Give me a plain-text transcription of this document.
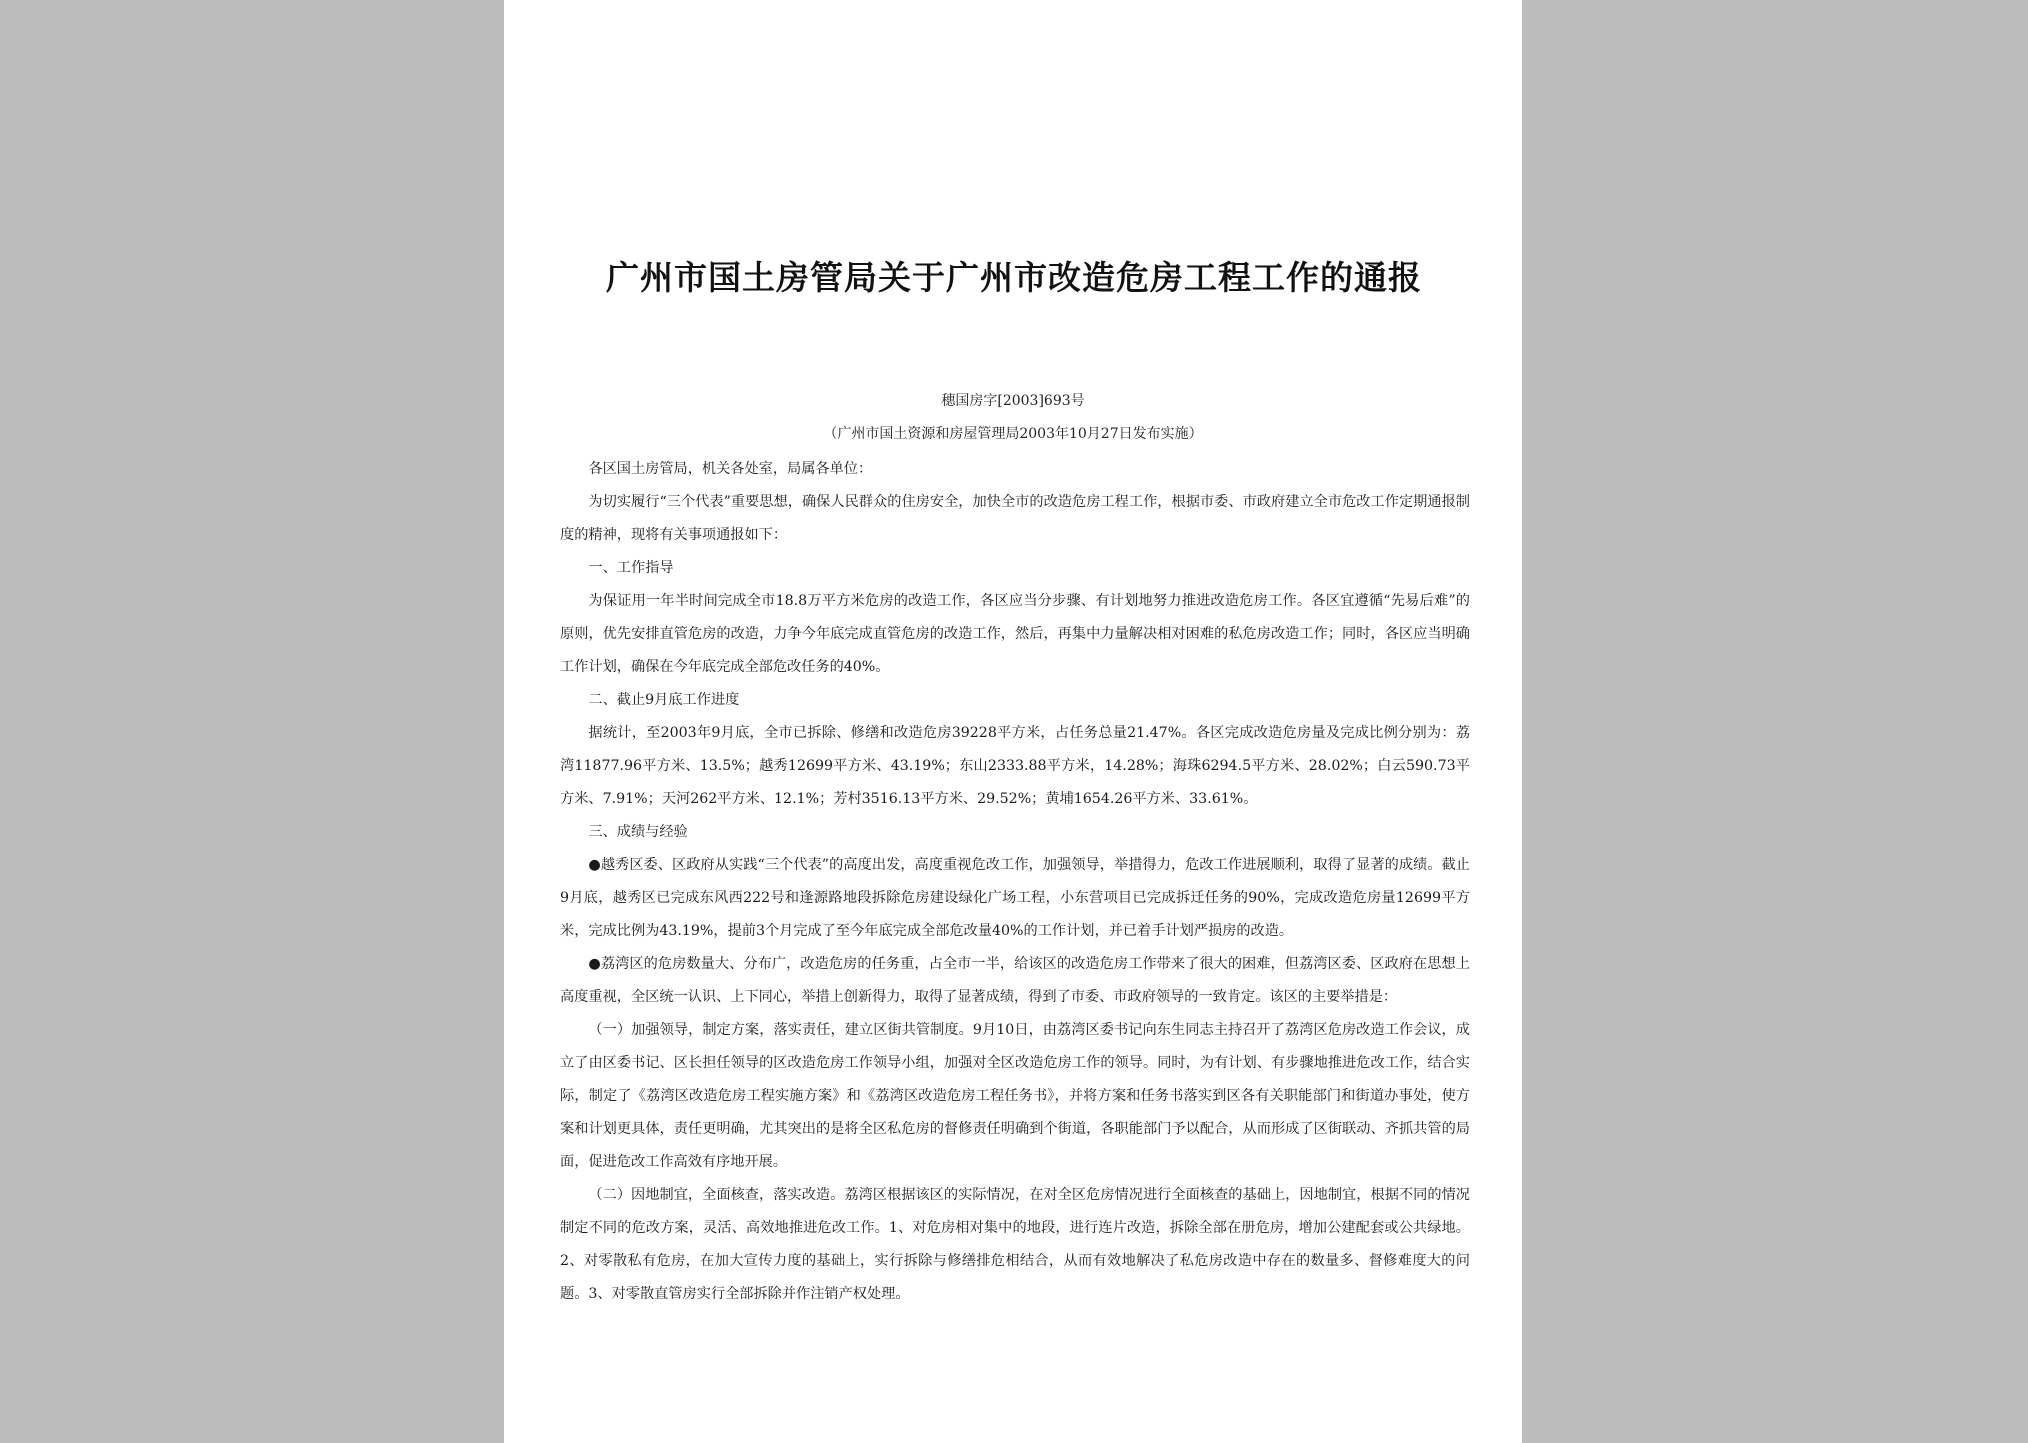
广州市国土房管局关于广州市改造危房工程工作的通报
穗国房字[2003]693号
（广州市国土资源和房屋管理局2003年10月27日发布实施）

各区国土房管局，机关各处室，局属各单位：

为切实履行“三个代表”重要思想，确保人民群众的住房安全，加快全市的改造危房工程工作，根据市委、市政府建立全市危改工作定期通报制度的精神，现将有关事项通报如下：

一、工作指导

为保证用一年半时间完成全市18.8万平方米危房的改造工作，各区应当分步骤、有计划地努力推进改造危房工作。各区宜遵循“先易后难”的原则，优先安排直管危房的改造，力争今年底完成直管危房的改造工作，然后，再集中力量解决相对困难的私危房改造工作；同时，各区应当明确工作计划，确保在今年底完成全部危改任务的40%。

二、截止9月底工作进度

据统计，至2003年9月底，全市已拆除、修缮和改造危房39228平方米，占任务总量21.47%。各区完成改造危房量及完成比例分别为：荔湾11877.96平方米、13.5%；越秀12699平方米、43.19%；东山2333.88平方米，14.28%；海珠6294.5平方米、28.02%；白云590.73平方米、7.91%；天河262平方米、12.1%；芳村3516.13平方米、29.52%；黄埔1654.26平方米、33.61%。

三、成绩与经验

●越秀区委、区政府从实践“三个代表”的高度出发，高度重视危改工作，加强领导，举措得力，危改工作进展顺利，取得了显著的成绩。截止9月底，越秀区已完成东风西222号和逢源路地段拆除危房建设绿化广场工程，小东营项目已完成拆迁任务的90%，完成改造危房量12699平方米，完成比例为43.19%，提前3个月完成了至今年底完成全部危改量40%的工作计划，并已着手计划严损房的改造。

●荔湾区的危房数量大、分布广，改造危房的任务重，占全市一半，给该区的改造危房工作带来了很大的困难，但荔湾区委、区政府在思想上高度重视，全区统一认识、上下同心，举措上创新得力，取得了显著成绩，得到了市委、市政府领导的一致肯定。该区的主要举措是：

（一）加强领导，制定方案，落实责任，建立区街共管制度。9月10日，由荔湾区委书记向东生同志主持召开了荔湾区危房改造工作会议，成立了由区委书记、区长担任领导的区改造危房工作领导小组，加强对全区改造危房工作的领导。同时，为有计划、有步骤地推进危改工作，结合实际，制定了《荔湾区改造危房工程实施方案》和《荔湾区改造危房工程任务书》，并将方案和任务书落实到区各有关职能部门和街道办事处，使方案和计划更具体，责任更明确，尤其突出的是将全区私危房的督修责任明确到个街道，各职能部门予以配合，从而形成了区街联动、齐抓共管的局面，促进危改工作高效有序地开展。

（二）因地制宜，全面核查，落实改造。荔湾区根据该区的实际情况，在对全区危房情况进行全面核查的基础上，因地制宜，根据不同的情况制定不同的危改方案，灵活、高效地推进危改工作。1、对危房相对集中的地段，进行连片改造，拆除全部在册危房，增加公建配套或公共绿地。2、对零散私有危房，在加大宣传力度的基础上，实行拆除与修缮排危相结合，从而有效地解决了私危房改造中存在的数量多、督修难度大的问题。3、对零散直管房实行全部拆除并作注销产权处理。
